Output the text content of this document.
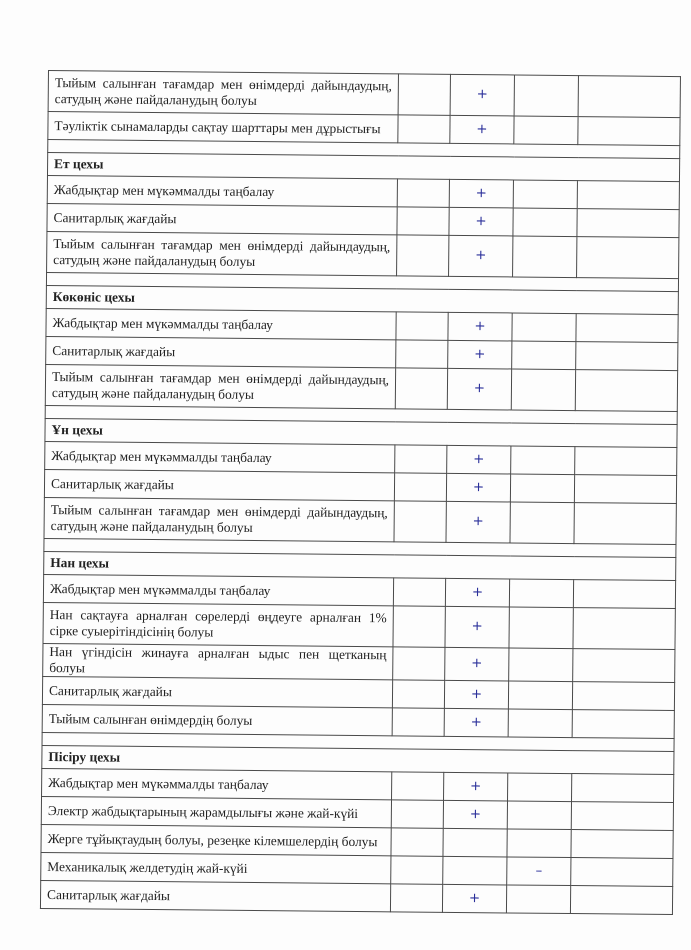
Тыйым салынған тағамдар мен өнімдерді дайындаудың, сатудың және пайдаланудың болуы		+		

Тәуліктік сынамаларды сақтау шарттары мен дұрыстығы		+		

Ет цехы				

Жабдықтар мен мүкәммалды таңбалау		+		

Санитарлық жағдайы		+		

Тыйым салынған тағамдар мен өнімдерді дайындаудың, сатудың және пайдаланудың болуы		+		

Көкөніс цехы				

Жабдықтар мен мүкәммалды таңбалау		+		

Санитарлық жағдайы		+		

Тыйым салынған тағамдар мен өнімдерді дайындаудың, сатудың және пайдаланудың болуы		+		

Ұн цехы				

Жабдықтар мен мүкәммалды таңбалау		+		

Санитарлық жағдайы		+		

Тыйым салынған тағамдар мен өнімдерді дайындаудың, сатудың және пайдаланудың болуы		+		

Нан цехы				

Жабдықтар мен мүкәммалды таңбалау		+		

Нан сақтауға арналған сөрелерді өңдеуге арналған 1% сірке суыерітіндісінің болуы		+		

Нан үгіндісін жинауға арналған ыдыс пен щетканың болуы		+		

Санитарлық жағдайы		+		

Тыйым салынған өнімдердің болуы		+		

Пісіру цехы				

Жабдықтар мен мүкәммалды таңбалау		+		

Электр жабдықтарының жарамдылығы және жай-күйі		+		

Жерге тұйықтаудың болуы, резеңке кілемшелердің болуы				

Механикалық желдетудің жай-күйі			–	

Санитарлық жағдайы		+		
